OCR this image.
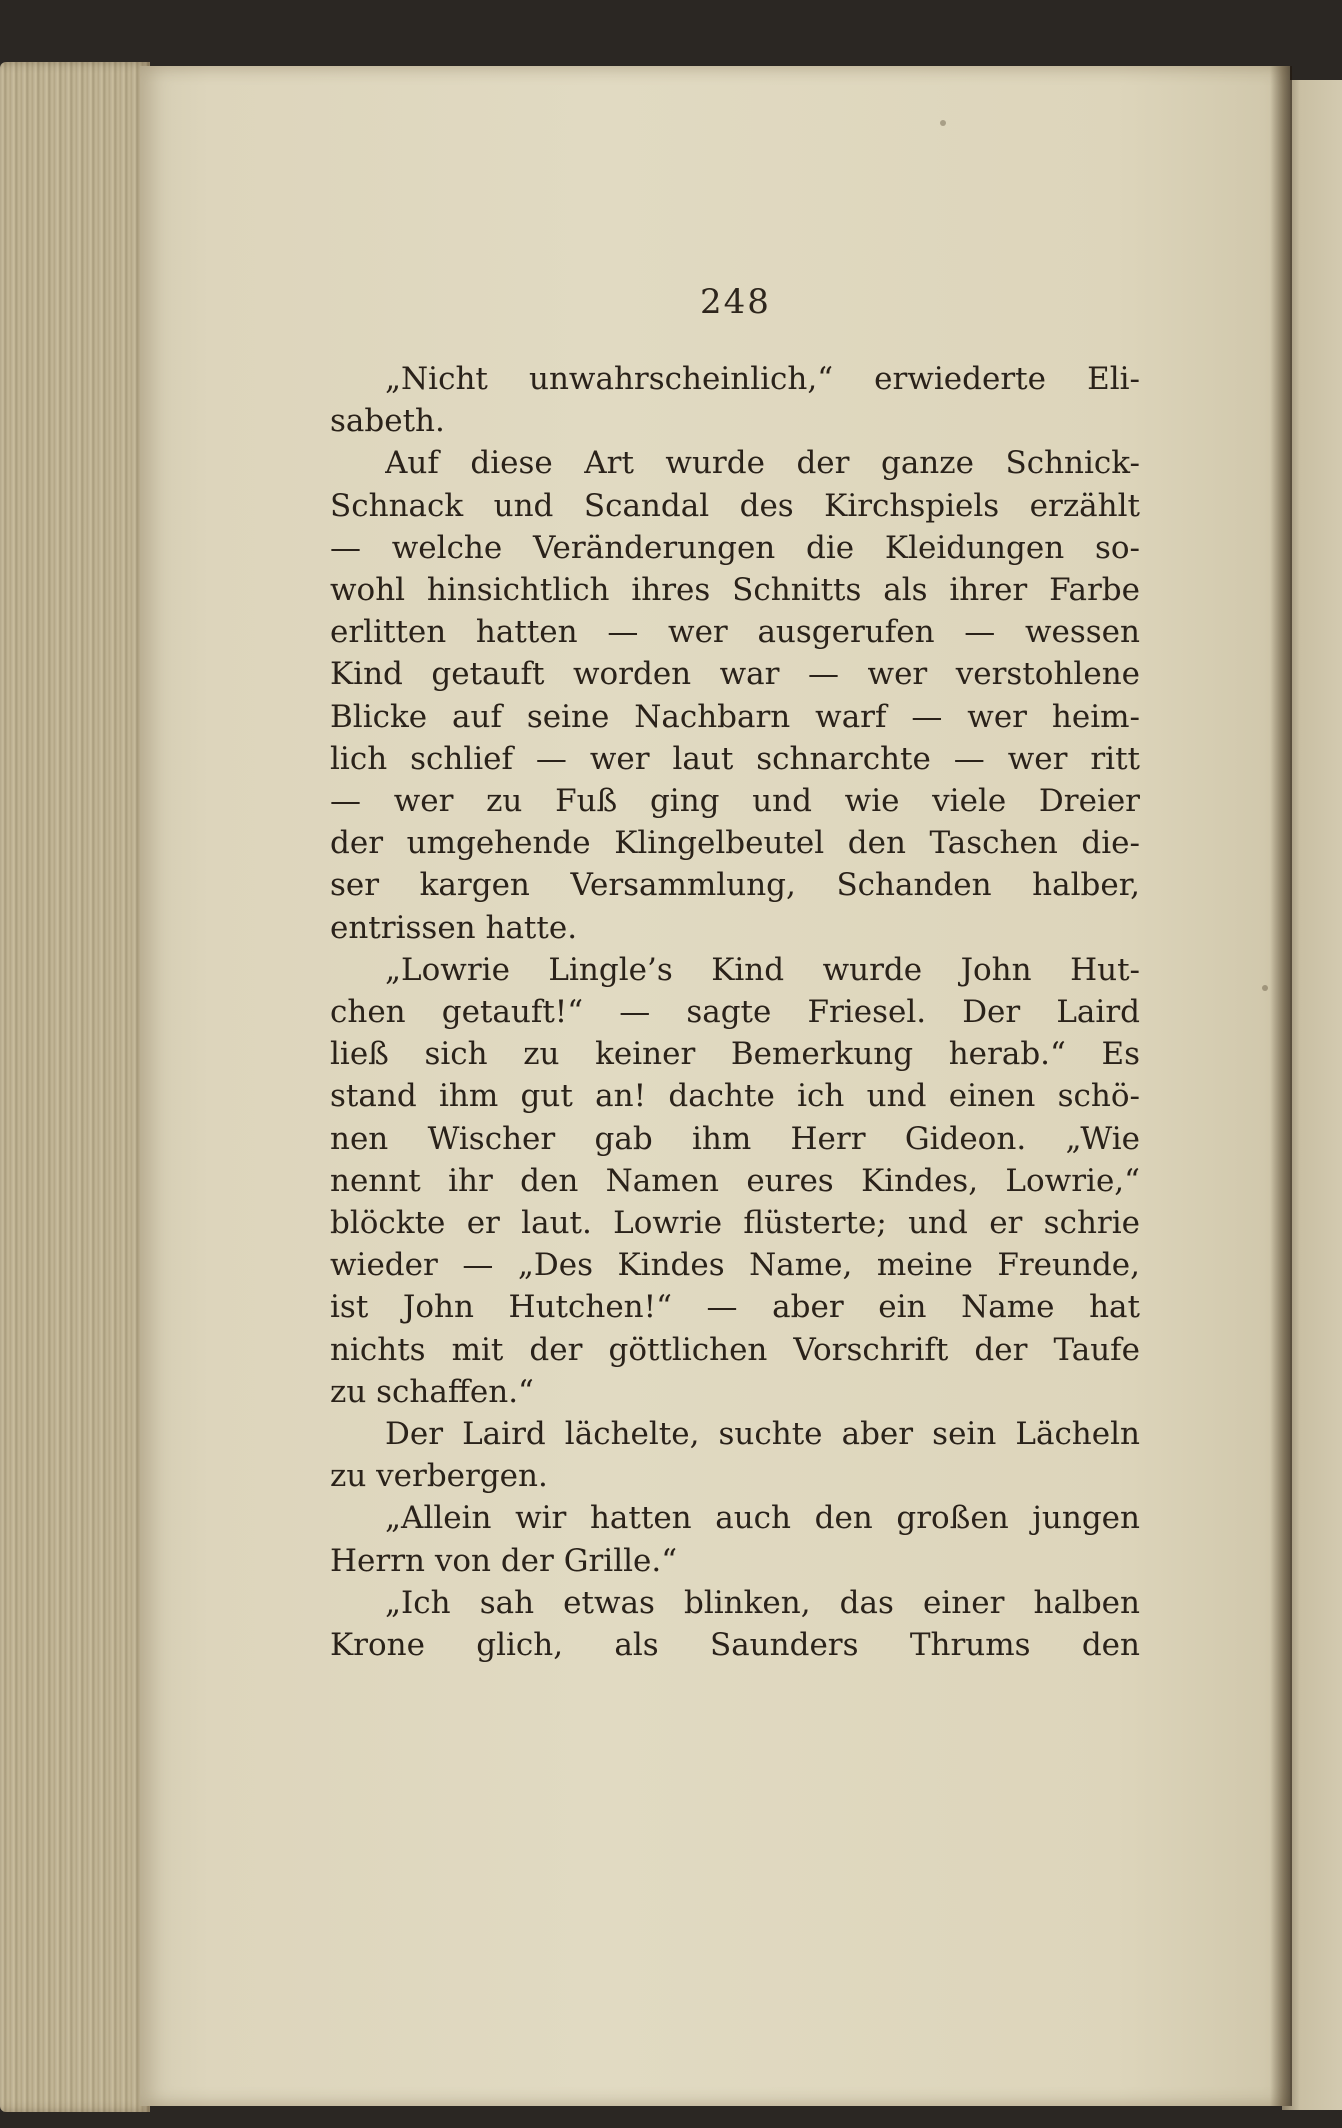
248
„Nicht unwahrscheinlich,“ erwiederte Eli-
sabeth.
Auf diese Art wurde der ganze Schnick-
Schnack und Scandal des Kirchspiels erzählt
— welche Veränderungen die Kleidungen so-
wohl hinsichtlich ihres Schnitts als ihrer Farbe
erlitten hatten — wer ausgerufen — wessen
Kind getauft worden war — wer verstohlene
Blicke auf seine Nachbarn warf — wer heim-
lich schlief — wer laut schnarchte — wer ritt
— wer zu Fuß ging und wie viele Dreier
der umgehende Klingelbeutel den Taschen die-
ser kargen Versammlung, Schanden halber,
entrissen hatte.
„Lowrie Lingle’s Kind wurde John Hut-
chen getauft!“ — sagte Friesel. Der Laird
ließ sich zu keiner Bemerkung herab.“ Es
stand ihm gut an! dachte ich und einen schö-
nen Wischer gab ihm Herr Gideon. „Wie
nennt ihr den Namen eures Kindes, Lowrie,“
blöckte er laut. Lowrie flüsterte; und er schrie
wieder — „Des Kindes Name, meine Freunde,
ist John Hutchen!“ — aber ein Name hat
nichts mit der göttlichen Vorschrift der Taufe
zu schaffen.“
Der Laird lächelte, suchte aber sein Lächeln
zu verbergen.
„Allein wir hatten auch den großen jungen
Herrn von der Grille.“
„Ich sah etwas blinken, das einer halben
Krone glich, als Saunders Thrums den
